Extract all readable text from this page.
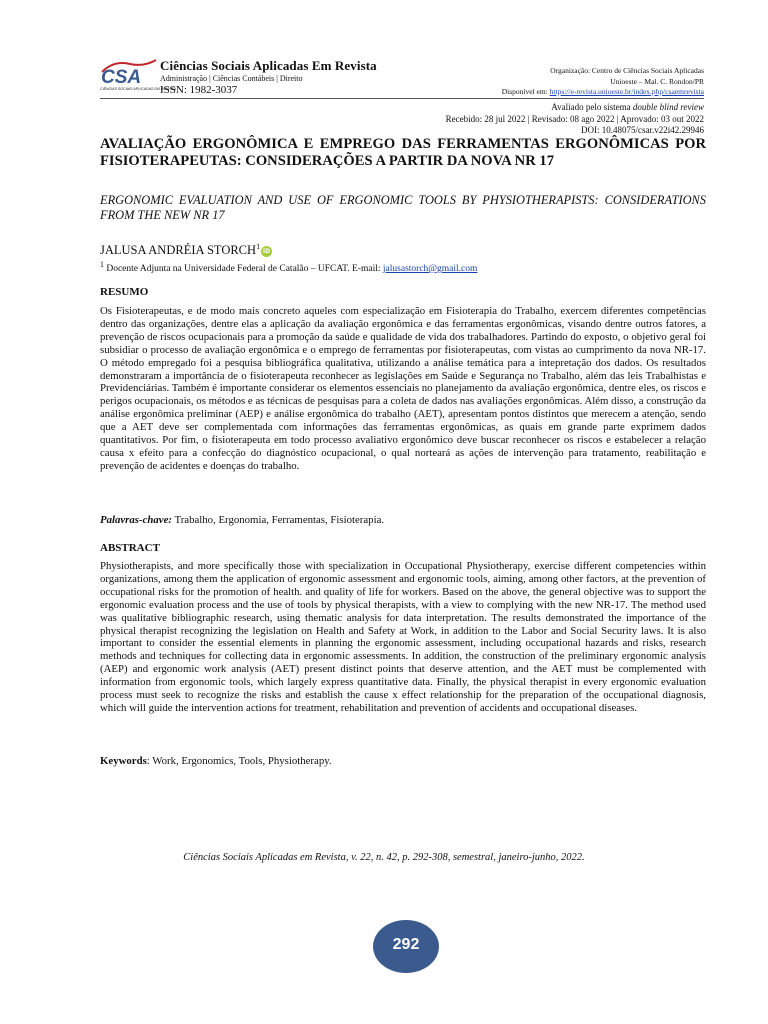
CSA
CIÊNCIAS SOCIAIS APLICADAS EM REVISTA
Ciências Sociais Aplicadas Em Revista
Administração | Ciências Contábeis | Direito
ISSN: 1982-3037
Organização: Centro de Ciências Sociais Aplicadas
Unioeste – Mal. C. Rondon/PR
Disponível em: https://e-revista.unioeste.br/index.php/csaemrevista
Avaliado pelo sistema double blind review
Recebido: 28 jul 2022 | Revisado: 08 ago 2022 | Aprovado: 03 out 2022
DOI: 10.48075/csar.v22i42.29946
AVALIAÇÃO ERGONÔMICA E EMPREGO DAS FERRAMENTAS ERGONÔMICAS POR FISIOTERAPEUTAS: CONSIDERAÇÕES A PARTIR DA NOVA NR 17
ERGONOMIC EVALUATION AND USE OF ERGONOMIC TOOLS BY PHYSIOTHERAPISTS: CONSIDERATIONS FROM THE NEW NR 17
JALUSA ANDRÉIA STORCH$^1$iD
$^1$ Docente Adjunta na Universidade Federal de Catalão – UFCAT. E-mail: jalusastorch@gmail.com
RESUMO
Os Fisioterapeutas, e de modo mais concreto aqueles com especialização em Fisioterapia do Trabalho, exercem diferentes competências dentro das organizações, dentre elas a aplicação da avaliação ergonômica e das ferramentas ergonômicas, visando dentre outros fatores, a prevenção de riscos ocupacionais para a promoção da saúde e qualidade de vida dos trabalhadores. Partindo do exposto, o objetivo geral foi subsidiar o processo de avaliação ergonômica e o emprego de ferramentas por fisioterapeutas, com vistas ao cumprimento da nova NR-17. O método empregado foi a pesquisa bibliográfica qualitativa, utilizando a análise temática para a intepretação dos dados. Os resultados demonstraram a importância de o fisioterapeuta reconhecer as legislações em Saúde e Segurança no Trabalho, além das leis Trabalhistas e Previdenciárias. Também é importante considerar os elementos essenciais no planejamento da avaliação ergonômica, dentre eles, os riscos e perigos ocupacionais, os métodos e as técnicas de pesquisas para a coleta de dados nas avaliações ergonômicas. Além disso, a construção da análise ergonômica preliminar (AEP) e análise ergonômica do trabalho (AET), apresentam pontos distintos que merecem a atenção, sendo que a AET deve ser complementada com informações das ferramentas ergonômicas, as quais em grande parte exprimem dados quantitativos. Por fim, o fisioterapeuta em todo processo avaliativo ergonômico deve buscar reconhecer os riscos e estabelecer a relação causa x efeito para a confecção do diagnóstico ocupacional, o qual norteará as ações de intervenção para tratamento, reabilitação e prevenção de acidentes e doenças do trabalho.
Palavras-chave: Trabalho, Ergonomia, Ferramentas, Fisioterapia.
ABSTRACT
Physiotherapists, and more specifically those with specialization in Occupational Physiotherapy, exercise different competencies within organizations, among them the application of ergonomic assessment and ergonomic tools, aiming, among other factors, at the prevention of occupational risks for the promotion of health. and quality of life for workers. Based on the above, the general objective was to support the ergonomic evaluation process and the use of tools by physical therapists, with a view to complying with the new NR-17. The method used was qualitative bibliographic research, using thematic analysis for data interpretation. The results demonstrated the importance of the physical therapist recognizing the legislation on Health and Safety at Work, in addition to the Labor and Social Security laws. It is also important to consider the essential elements in planning the ergonomic assessment, including occupational hazards and risks, research methods and techniques for collecting data in ergonomic assessments. In addition, the construction of the preliminary ergonomic analysis (AEP) and ergonomic work analysis (AET) present distinct points that deserve attention, and the AET must be complemented with information from ergonomic tools, which largely express quantitative data. Finally, the physical therapist in every ergonomic evaluation process must seek to recognize the risks and establish the cause x effect relationship for the preparation of the occupational diagnosis, which will guide the intervention actions for treatment, rehabilitation and prevention of accidents and occupational diseases.
Keywords: Work, Ergonomics, Tools, Physiotherapy.
Ciências Sociais Aplicadas em Revista, v. 22, n. 42, p. 292-308, semestral, janeiro-junho, 2022.
292
